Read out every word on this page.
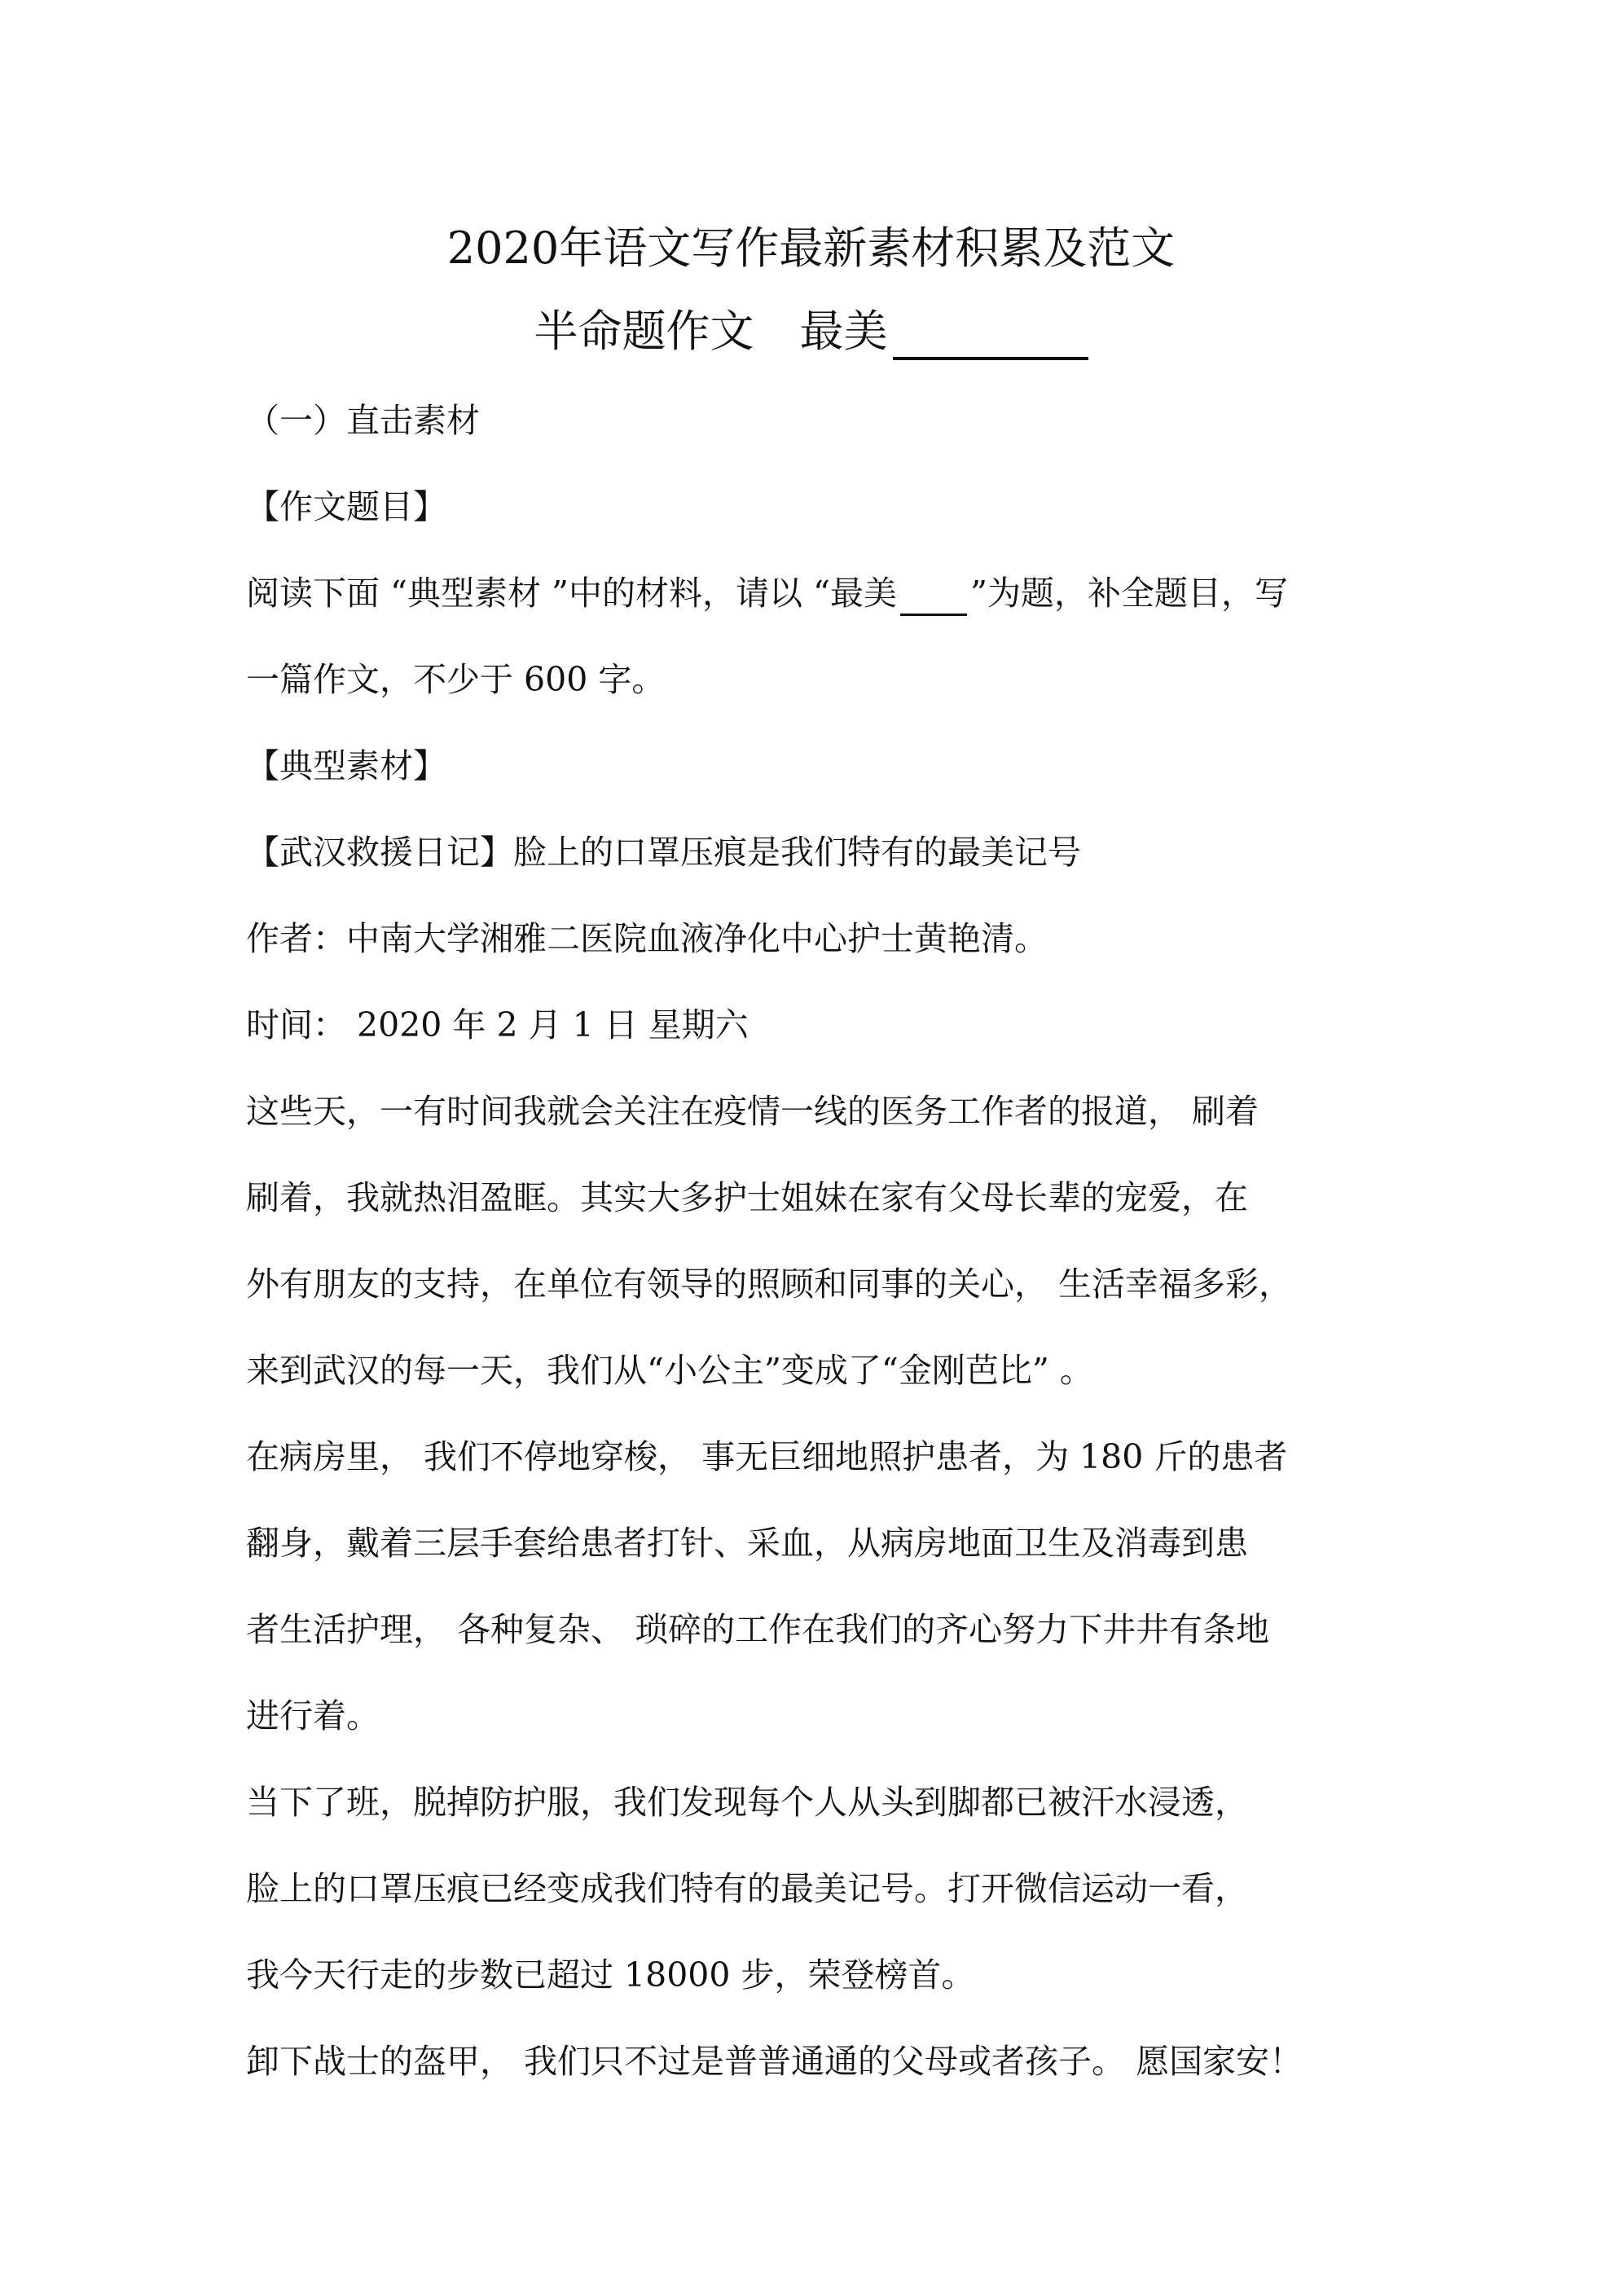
2020年语文写作最新素材积累及范文
半命题作文 最美
（一）直击素材
【作文题目】
阅读下面 “典型素材 ”中的材料，请以 “最美 ”为题，补全题目，写
一篇作文，不少于 600 字。
【典型素材】
【武汉救援日记】脸上的口罩压痕是我们特有的最美记号
作者：中南大学湘雅二医院血液净化中心护士黄艳清。
时间： 2020 年 2 月 1 日 星期六
这些天，一有时间我就会关注在疫情一线的医务工作者的报道， 刷着
刷着，我就热泪盈眶。其实大多护士姐妹在家有父母长辈的宠爱，在
外有朋友的支持，在单位有领导的照顾和同事的关心， 生活幸福多彩，
来到武汉的每一天，我们从“小公主”变成了“金刚芭比” 。
在病房里， 我们不停地穿梭， 事无巨细地照护患者，为 180 斤的患者
翻身，戴着三层手套给患者打针、采血，从病房地面卫生及消毒到患
者生活护理， 各种复杂、 琐碎的工作在我们的齐心努力下井井有条地
进行着。
当下了班，脱掉防护服，我们发现每个人从头到脚都已被汗水浸透，
脸上的口罩压痕已经变成我们特有的最美记号。打开微信运动一看，
我今天行走的步数已超过 18000 步，荣登榜首。
卸下战士的盔甲， 我们只不过是普普通通的父母或者孩子。 愿国家安！
